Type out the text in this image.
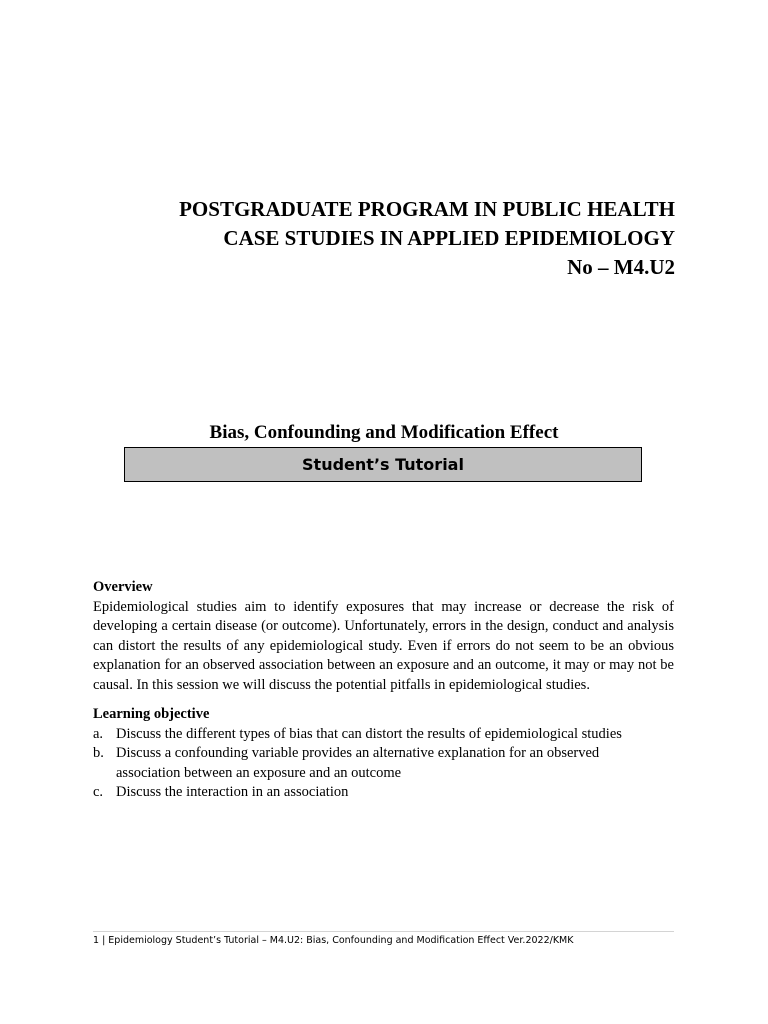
POSTGRADUATE PROGRAM IN PUBLIC HEALTH
CASE STUDIES IN APPLIED EPIDEMIOLOGY
No – M4.U2
Bias, Confounding and Modification Effect
Student’s Tutorial

Overview

Epidemiological studies aim to identify exposures that may increase or decrease the risk of developing a certain disease (or outcome). Unfortunately, errors in the design, conduct and analysis can distort the results of any epidemiological study. Even if errors do not seem to be an obvious explanation for an observed association between an exposure and an outcome, it may or may not be causal. In this session we will discuss the potential pitfalls in epidemiological studies.

Learning objective

a. Discuss the different types of bias that can distort the results of epidemiological studies
b. Discuss a confounding variable provides an alternative explanation for an observed association between an exposure and an outcome
c. Discuss the interaction in an association
1 | Epidemiology Student’s Tutorial – M4.U2: Bias, Confounding and Modification Effect Ver.2022/KMK
